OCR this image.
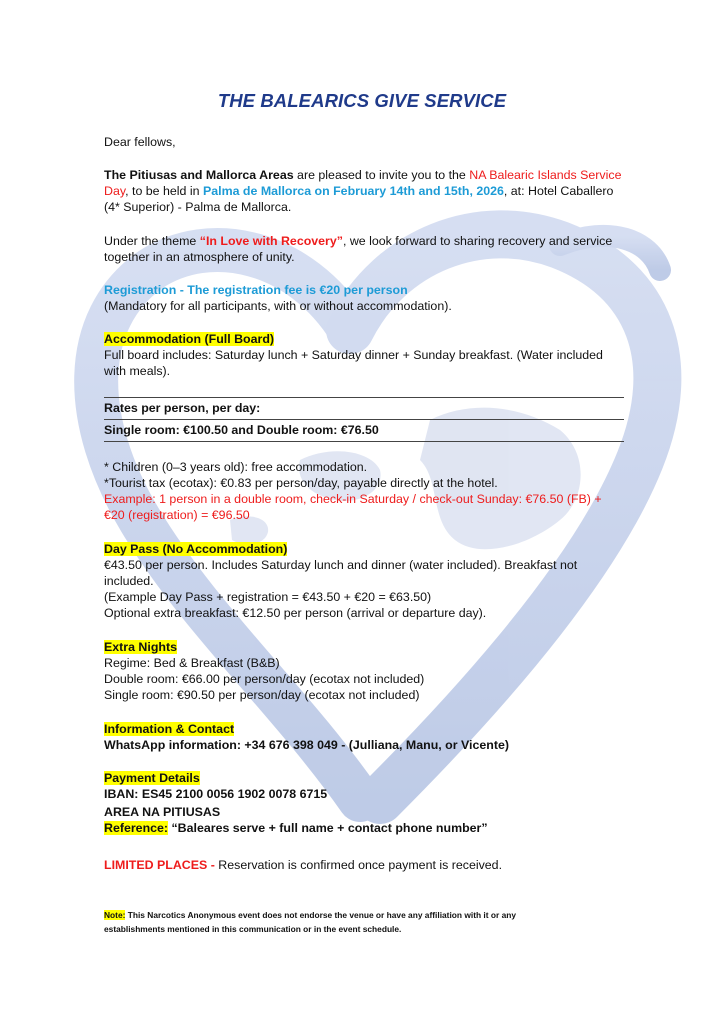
THE BALEARICS GIVE SERVICE
Dear fellows,
The Pitiusas and Mallorca Areas are pleased to invite you to the NA Balearic Islands Service Day, to be held in Palma de Mallorca on February 14th and 15th, 2026, at: Hotel Caballero (4* Superior) - Palma de Mallorca.
Under the theme “In Love with Recovery”, we look forward to sharing recovery and service together in an atmosphere of unity.
Registration - The registration fee is €20 per person
(Mandatory for all participants, with or without accommodation).
Accommodation (Full Board)
Full board includes: Saturday lunch + Saturday dinner + Sunday breakfast. (Water included with meals).
Rates per person, per day:
Single room: €100.50 and Double room: €76.50
* Children (0–3 years old): free accommodation.
*Tourist tax (ecotax): €0.83 per person/day, payable directly at the hotel.
Example: 1 person in a double room, check-in Saturday / check-out Sunday: €76.50 (FB) + €20 (registration) = €96.50
Day Pass (No Accommodation)
€43.50 per person. Includes Saturday lunch and dinner (water included). Breakfast not included.
(Example Day Pass + registration = €43.50 + €20 = €63.50)
Optional extra breakfast: €12.50 per person (arrival or departure day).
Extra Nights
Regime: Bed & Breakfast (B&B)
Double room: €66.00 per person/day (ecotax not included)
Single room: €90.50 per person/day (ecotax not included)
Information & Contact
WhatsApp information: +34 676 398 049 - (Julliana, Manu, or Vicente)
Payment Details
IBAN: ES45 2100 0056 1902 0078 6715
AREA NA PITIUSAS
Reference: “Baleares serve + full name + contact phone number”
LIMITED PLACES - Reservation is confirmed once payment is received.
Note: This Narcotics Anonymous event does not endorse the venue or have any affiliation with it or any establishments mentioned in this communication or in the event schedule.
